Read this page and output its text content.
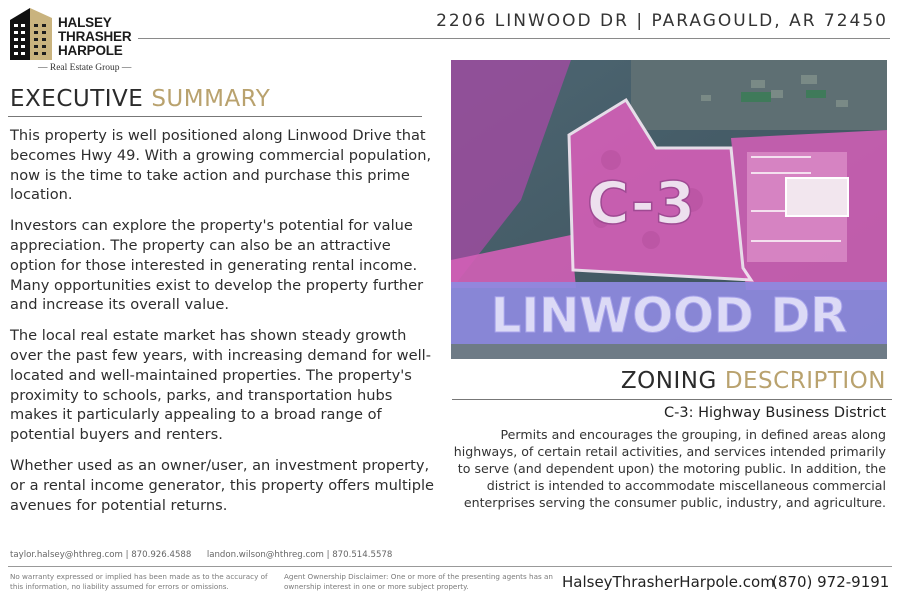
HALSEY
THRASHER
HARPOLE
— Real Estate Group —
2206 LINWOOD DR | PARAGOULD, AR 72450
EXECUTIVE SUMMARY

This property is well positioned along Linwood Drive that becomes Hwy 49. With a growing commercial population, now is the time to take action and purchase this prime location.

Investors can explore the property's potential for value appreciation. The property can also be an attractive option for those interested in generating rental income. Many opportunities exist to develop the property further and increase its overall value.

The local real estate market has shown steady growth over the past few years, with increasing demand for well-located and well-maintained properties. The property's proximity to schools, parks, and transportation hubs makes it particularly appealing to a broad range of potential buyers and renters.

Whether used as an owner/user, an investment property, or a rental income generator, this property offers multiple avenues for potential returns.

C-3
LINWOOD DR
ZONING DESCRIPTION
C-3: Highway Business District
Permits and encourages the grouping, in defined areas along highways, of certain retail activities, and services intended primarily to serve (and dependent upon) the motoring public. In addition, the district is intended to accommodate miscellaneous commercial enterprises serving the consumer public, industry, and agriculture.
taylor.halsey@hthreg.com | 870.926.4588 landon.wilson@hthreg.com | 870.514.5578
No warranty expressed or implied has been made as to the accuracy of this information, no liability assumed for errors or omissions.
Agent Ownership Disclaimer: One or more of the presenting agents has an ownership interest in one or more subject property.	HalseyThrasherHarpole.com
(870) 972-9191
